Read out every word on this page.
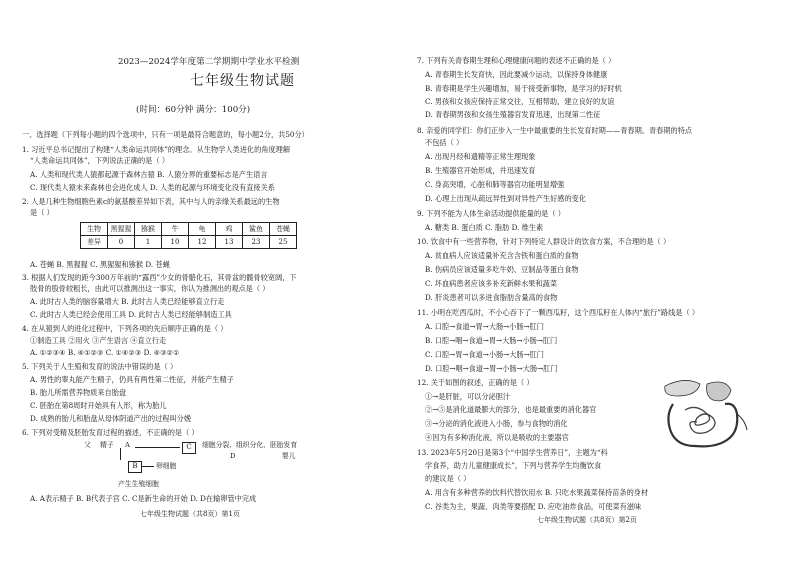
2023—2024学年度第二学期期中学业水平检测
七年级生物试题
(时间：60分钟 满分：100分)
一、选择题（下列每小题的四个选项中，只有一项是最符合题意的，每小题2分，共50分）
1. 习近平总书记提出了构建“人类命运共同体”的理念。从生物学人类进化的角度理解
“人类命运共同体”，下列说法正确的是（ ）
A. 人类和现代类人猿都起源于森林古猿 B. 人猿分界的重要标志是产生语言
C. 现代类人猿未来森林也会进化成人 D. 人类的起源与环境变化没有直接关系
2. 人是几种生物细胞色素c的氨基酸差异如下表，其中与人的亲缘关系最远的生物
是（ ）
生物	黑猩猩	猕猴	牛	龟	鸡	鲨鱼	苍蝇
差异	0	1	10	12	13	23	25
A. 苍蝇 B. 黑猩猩 C. 黑猩猩和猕猴 D. 苍蝇
3. 根据人们发现的距今300万年前的“露西”少女的骨骼化石，其骨盆的髋骨较宽阔，下
肢骨的股骨较粗长，由此可以推测出这一事实，你认为推测出的观点是（ ）
A. 此时古人类的脑容量增大 B. 此时古人类已经能够直立行走
C. 此时古人类已经会使用工具 D. 此时古人类已经能够制造工具
4. 在从猿到人的进化过程中，下列各项的先后顺序正确的是（ ）
①制造工具 ②用火 ③产生语言 ④直立行走
A. ①②③④ B. ④①②③ C. ①④②③ D. ④③②①
5. 下列关于人生殖和发育的说法中错误的是（ ）
A. 男性的睾丸能产生精子，仍具有两性第二性征，并能产生精子
B. 胎儿所需营养物质来自胎盘
C. 胚胎在第8周时开始具有人形，称为胎儿
D. 成熟的胎儿和胎盘从母体阴道产出的过程叫分娩
6. 下列对受精及胚胎发育过程的描述，不正确的是（ ）
父 精子 A	C	细胞分裂、组织分化、胚胎发育
D	婴儿
B	卵细胞
产生生殖细胞
A. A表示精子 B. B代表子宫 C. C是新生命的开始 D. D在输卵管中完成
七年级生物试题（共8页）第1页
7. 下列有关青春期生理和心理健康问题的表述不正确的是（ ）
A. 青春期生长发育快，因此要减少运动，以保持身体健康
B. 青春期是学生兴趣增加，易于接受新事物，是学习的好时机
C. 男孩和女孩应保持正常交往，互相帮助，建立良好的友谊
D. 青春期男孩和女孩生殖器官发育迅速，出现第二性征
8. 亲爱的同学们：你们正步入一生中最重要的生长发育时期——青春期。青春期的特点
不包括（ ）
A. 出现月经和遗精等正常生理现象
B. 生殖器官开始形成，并迅速发育
C. 身高突增，心脏和肺等器官功能明显增强
D. 心理上出现从疏远异性到对异性产生好感的变化
9. 下列不能为人体生命活动提供能量的是（ ）
A. 糖类 B. 蛋白质 C. 脂肪 D. 维生素
10. 饮食中有一些营养物，针对下列特定人群设计的饮食方案，不合理的是（ ）
A. 贫血病人应该适量补充含含铁和蛋白质的食物
B. 伤病员应该适量多吃牛奶、豆制品等蛋白食物
C. 坏血病患者应该多补充新鲜水果和蔬菜
D. 肝炎患者可以多进食脂肪含量高的食物
11. 小明在吃西瓜时，不小心吞下了一颗西瓜籽，这个西瓜籽在人体内“旅行”路线是（ ）
A. 口腔→食道→胃→大肠→小肠→肛门
B. 口腔→咽→食道→胃→大肠→小肠→肛门
C. 口腔→胃→食道→小肠→大肠→肛门
D. 口腔→咽→食道→胃→小肠→大肠→肛门
12. 关于如图的叙述，正确的是（ ）
①→是肝脏，可以分泌胆汁
②→⑤是消化道最膨大的部分，也是最重要的消化器官
③→分泌的消化液进入小肠，参与食物的消化
④因为有多种消化液，所以是吸收的主要器官
13. 2023年5月20日是第3个“中国学生营养日”，主题为“科
学食养，助力儿童健康成长”，下列与营养学生均衡饮食
的建议是（ ）
A. 用含有多种营养的饮料代替饮用水 B. 只吃水果蔬菜保持苗条的身材
C. 谷类为主，果蔬、肉类等要搭配 D. 应吃油炸食品，可使菜有滋味
七年级生物试题（共8页）第2页
